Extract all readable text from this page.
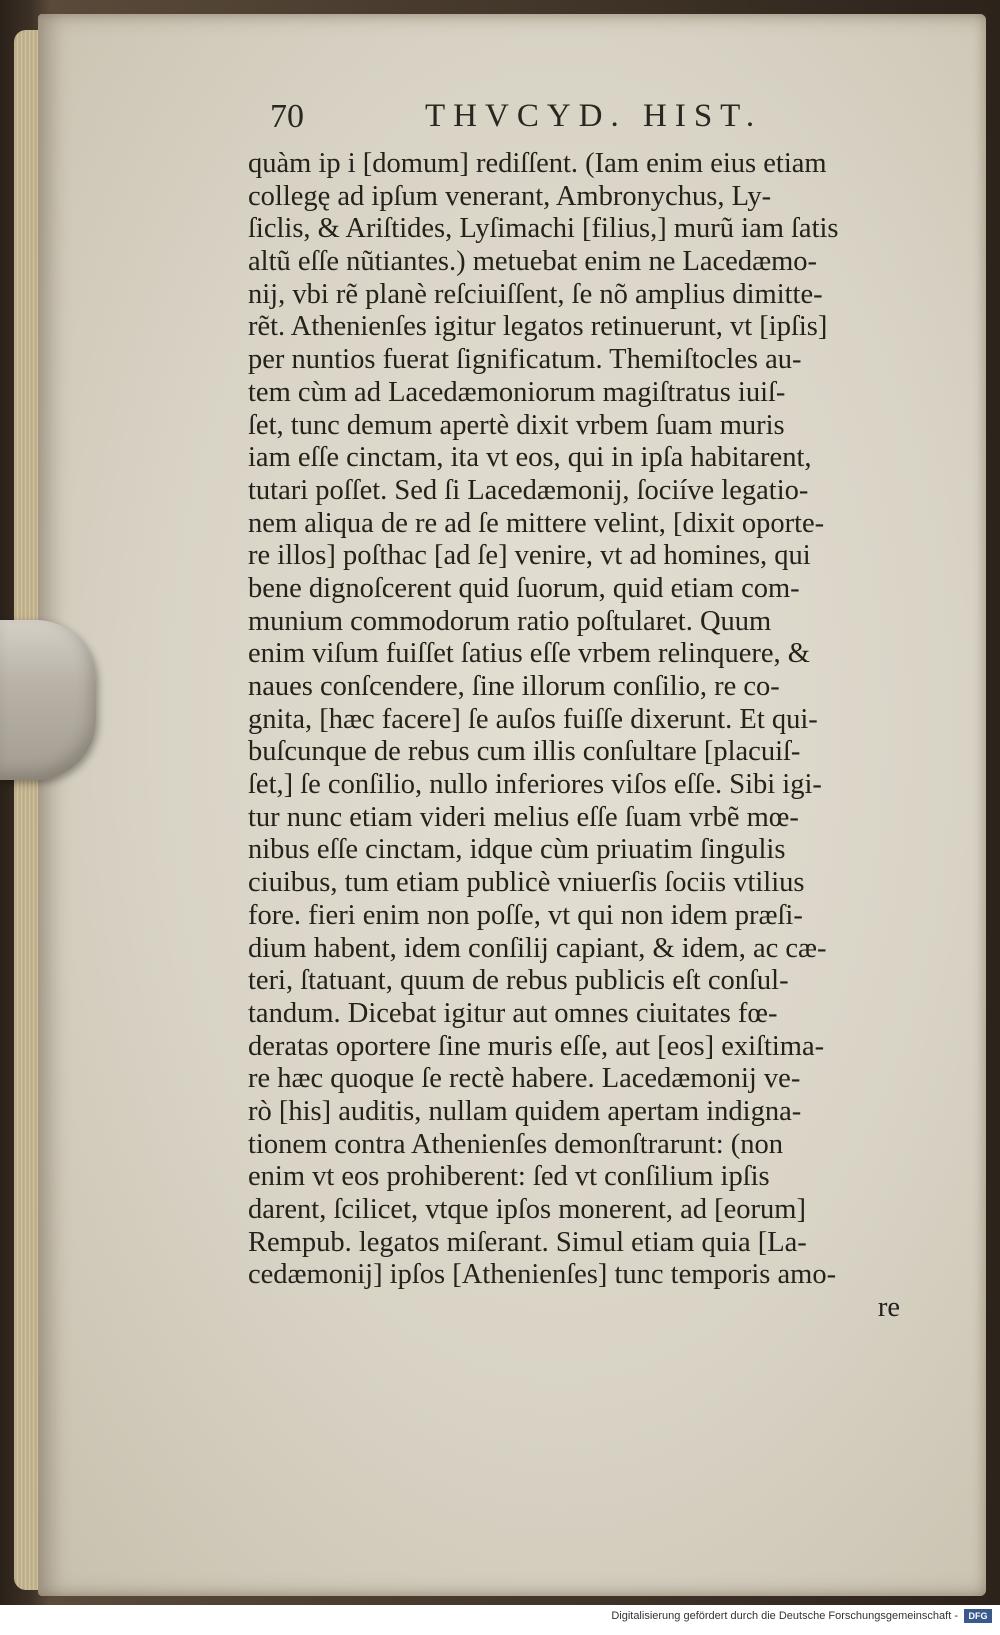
70	THVCYD. HIST.
quàm ip i [domum] rediſſent. (Iam enim eius etiam
collegę ad ipſum venerant, Ambronychus, Ly-
ſiclis, & Ariſtides, Lyſimachi [filius,] murũ iam ſatis
altũ eſſe nũtiantes.) metuebat enim ne Lacedæmo-
nij, vbi rẽ planè reſciuiſſent, ſe nõ amplius dimitte-
rẽt. Athenienſes igitur legatos retinuerunt, vt [ipſis]
per nuntios fuerat ſignificatum. Themiſtocles au-
tem cùm ad Lacedæmoniorum magiſtratus iuiſ-
ſet, tunc demum apertè dixit vrbem ſuam muris
iam eſſe cinctam, ita vt eos, qui in ipſa habitarent,
tutari poſſet. Sed ſi Lacedæmonij, ſociíve legatio-
nem aliqua de re ad ſe mittere velint, [dixit oporte-
re illos] poſthac [ad ſe] venire, vt ad homines, qui
bene dignoſcerent quid ſuorum, quid etiam com-
munium commodorum ratio poſtularet. Quum
enim viſum fuiſſet ſatius eſſe vrbem relinquere, &
naues conſcendere, ſine illorum conſilio, re co-
gnita, [hæc facere] ſe auſos fuiſſe dixerunt. Et qui-
buſcunque de rebus cum illis conſultare [placuiſ-
ſet,] ſe conſilio, nullo inferiores viſos eſſe. Sibi igi-
tur nunc etiam videri melius eſſe ſuam vrbẽ mœ-
nibus eſſe cinctam, idque cùm priuatim ſingulis
ciuibus, tum etiam publicè vniuerſis ſociis vtilius
fore. fieri enim non poſſe, vt qui non idem præſi-
dium habent, idem conſilij capiant, & idem, ac cæ-
teri, ſtatuant, quum de rebus publicis eſt conſul-
tandum. Dicebat igitur aut omnes ciuitates fœ-
deratas oportere ſine muris eſſe, aut [eos] exiſtima-
re hæc quoque ſe rectè habere. Lacedæmonij ve-
rò [his] auditis, nullam quidem apertam indigna-
tionem contra Athenienſes demonſtrarunt: (non
enim vt eos prohiberent: ſed vt conſilium ipſis
darent, ſcilicet, vtque ipſos monerent, ad [eorum]
Rempub. legatos miſerant. Simul etiam quia [La-
cedæmonij] ipſos [Athenienſes] tunc temporis amo-
re
Digitalisierung gefördert durch die Deutsche Forschungsgemeinschaft -	DFG
